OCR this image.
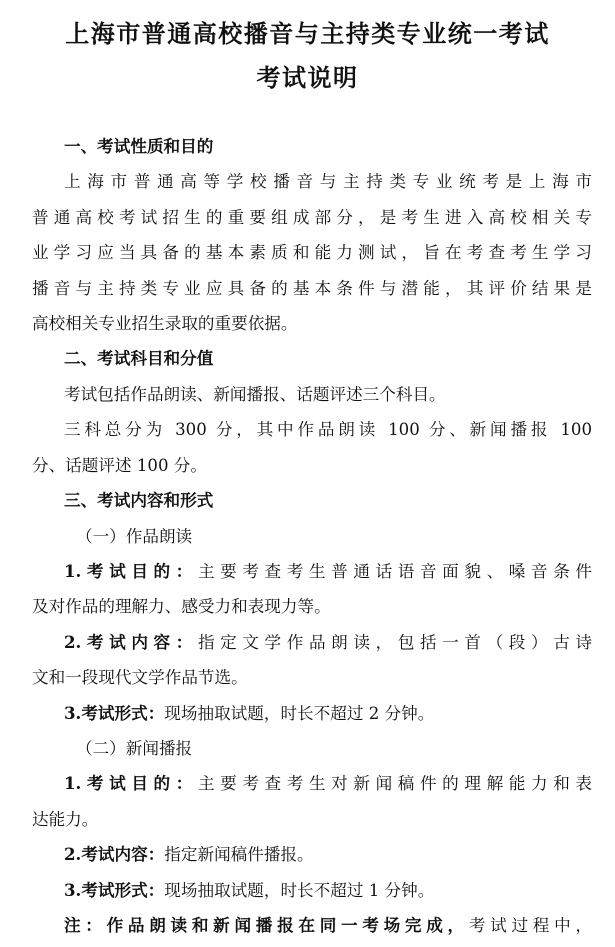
上海市普通高校播音与主持类专业统一考试
考试说明

一、考试性质和目的

上海市普通高等学校播音与主持类专业统考是上海市

普通高校考试招生的重要组成部分，是考生进入高校相关专

业学习应当具备的基本素质和能力测试，旨在考查考生学习

播音与主持类专业应具备的基本条件与潜能，其评价结果是

高校相关专业招生录取的重要依据。

二、考试科目和分值

考试包括作品朗读、新闻播报、话题评述三个科目。

三科总分为 300 分，其中作品朗读 100 分、新闻播报 100

分、话题评述 100 分。

三、考试内容和形式

（一）作品朗读

1.考试目的：主要考查考生普通话语音面貌、嗓音条件

及对作品的理解力、感受力和表现力等。

2.考试内容：指定文学作品朗读，包括一首（段）古诗

文和一段现代文学作品节选。

3.考试形式：现场抽取试题，时长不超过 2 分钟。

（二）新闻播报

1.考试目的：主要考查考生对新闻稿件的理解能力和表

达能力。

2.考试内容：指定新闻稿件播报。

3.考试形式：现场抽取试题，时长不超过 1 分钟。

注：作品朗读和新闻播报在同一考场完成，考试过程中，
